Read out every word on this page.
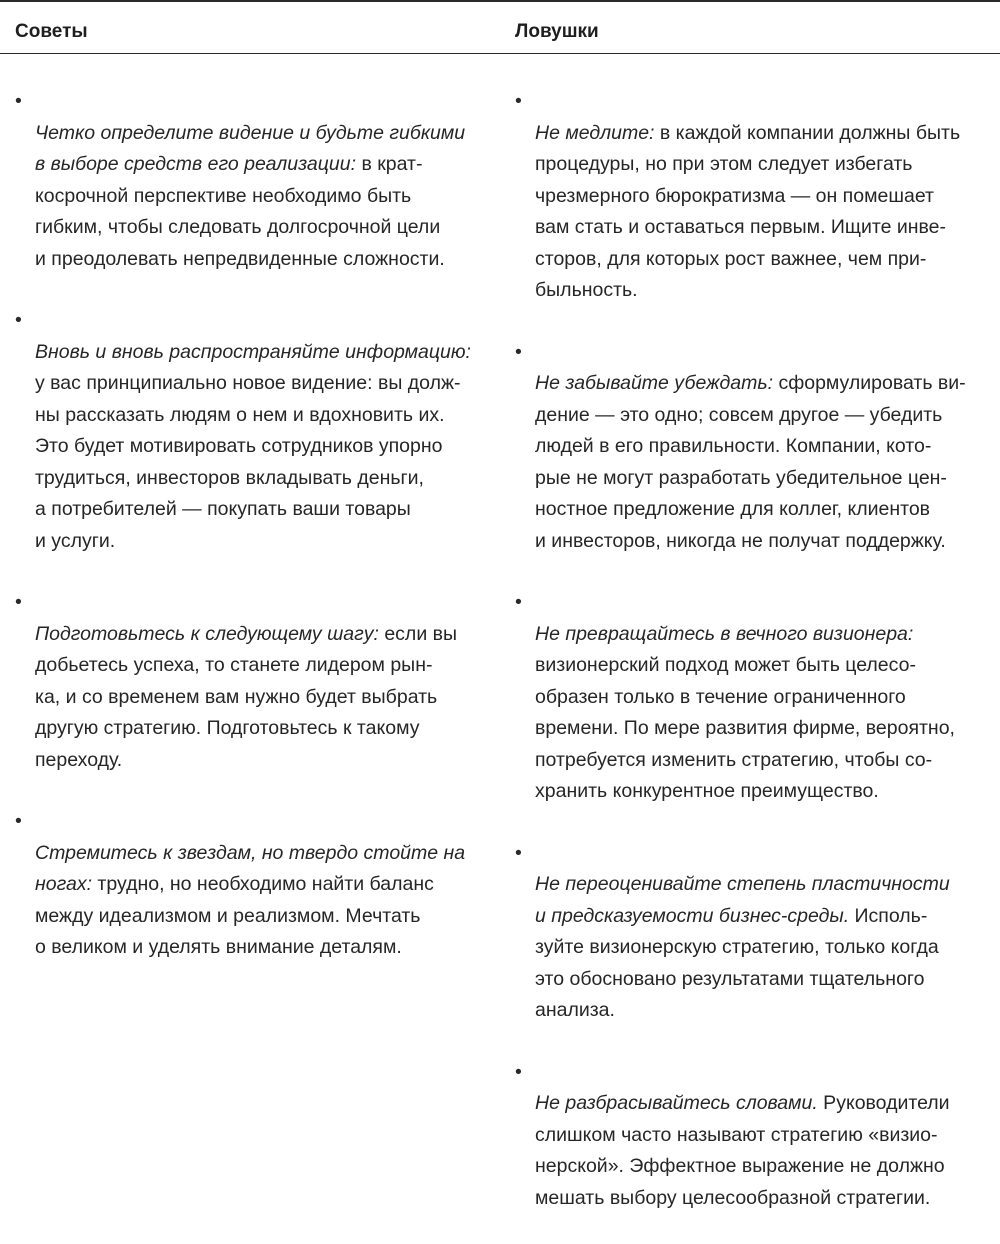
Советы	Ловушки

•
Четко определите видение и будьте гибкими
в выборе средств его реализации: в крат-
косрочной перспективе необходимо быть
гибким, чтобы следовать долгосрочной цели
и преодолевать непредвиденные сложности.

•
Вновь и вновь распространяйте информацию:
у вас принципиально новое видение: вы долж-
ны рассказать людям о нем и вдохновить их.
Это будет мотивировать сотрудников упорно
трудиться, инвесторов вкладывать деньги,
а потребителей — покупать ваши товары
и услуги.

•
Подготовьтесь к следующему шагу: если вы
добьетесь успеха, то станете лидером рын-
ка, и со временем вам нужно будет выбрать
другую стратегию. Подготовьтесь к такому
переходу.

•
Стремитесь к звездам, но твердо стойте на
ногах: трудно, но необходимо найти баланс
между идеализмом и реализмом. Мечтать
о великом и уделять внимание деталям.

•
Не медлите: в каждой компании должны быть
процедуры, но при этом следует избегать
чрезмерного бюрократизма — он помешает
вам стать и оставаться первым. Ищите инве-
сторов, для которых рост важнее, чем при-
быльность.

•
Не забывайте убеждать: сформулировать ви-
дение — это одно; совсем другое — убедить
людей в его правильности. Компании, кото-
рые не могут разработать убедительное цен-
ностное предложение для коллег, клиентов
и инвесторов, никогда не получат поддержку.

•
Не превращайтесь в вечного визионера:
визионерский подход может быть целесо-
образен только в течение ограниченного
времени. По мере развития фирме, вероятно,
потребуется изменить стратегию, чтобы со-
хранить конкурентное преимущество.

•
Не переоценивайте степень пластичности
и предсказуемости бизнес-среды. Исполь-
зуйте визионерскую стратегию, только когда
это обосновано результатами тщательного
анализа.

•
Не разбрасывайтесь словами. Руководители
слишком часто называют стратегию «визио-
нерской». Эффектное выражение не должно
мешать выбору целесообразной стратегии.
